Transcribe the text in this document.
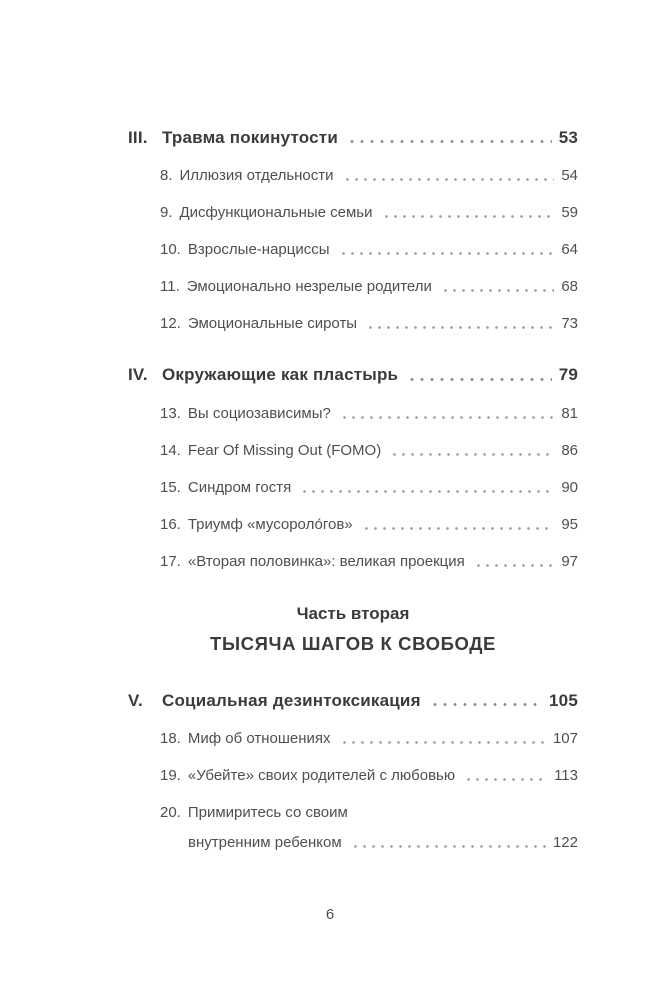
III. Травма покинутости	53
8. Иллюзия отдельности	54
9. Дисфункциональные семьи	59
10. Взрослые-нарциссы	64
11. Эмоционально незрелые родители	68
12. Эмоциональные сироты	73
IV. Окружающие как пластырь	79
13. Вы социозависимы?	81
14. Fear Of Missing Out (FOMO)	86
15. Синдром гостя	90
16. Триумф «мусороло́гов»	95
17. «Вторая половинка»: великая проекция	97
Часть вторая
ТЫСЯЧА ШАГОВ К СВОБОДЕ
V.	Социальная дезинтоксикация	105
18. Миф об отношениях	107
19. «Убейте» своих родителей с любовью	113
20. Примиритесь со своим
внутренним ребенком	122
6
